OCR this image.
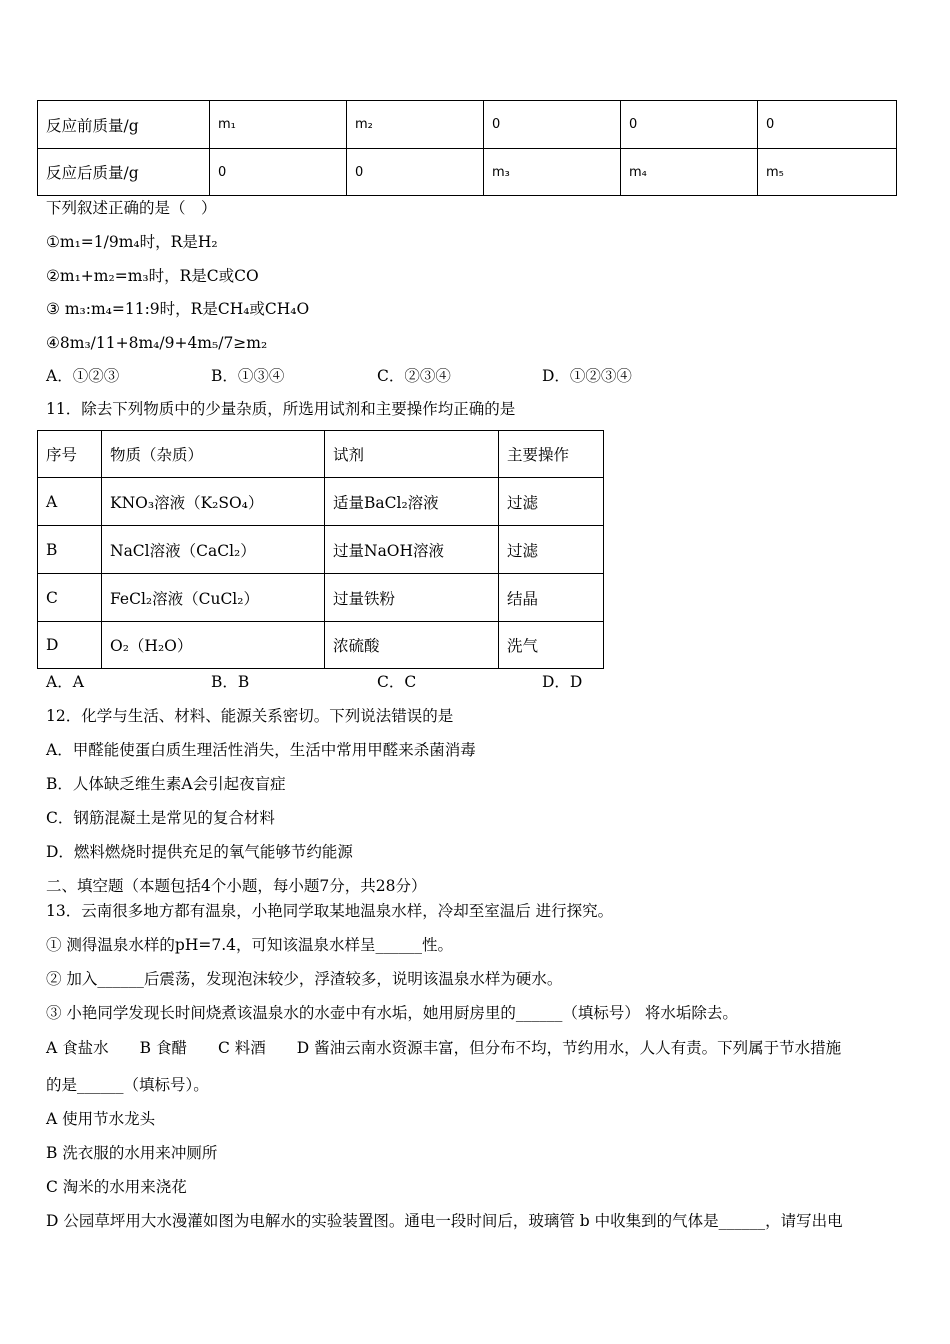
反应前质量/g	m₁	m₂	0	0	0
反应后质量/g	0	0	m₃	m₄	m₅
下列叙述正确的是（　）
①m₁=1/9m₄时，R是H₂
②m₁+m₂=m₃时，R是C或CO
③ m₃:m₄=11:9时，R是CH₄或CH₄O
④8m₃/11+8m₄/9+4m₅/7≥m₂
A．①②③	B．①③④	C．②③④	D．①②③④
11．除去下列物质中的少量杂质，所选用试剂和主要操作均正确的是
序号	物质（杂质）	试剂	主要操作
A	KNO₃溶液（K₂SO₄）	适量BaCl₂溶液	过滤
B	NaCl溶液（CaCl₂）	过量NaOH溶液	过滤
C	FeCl₂溶液（CuCl₂）	过量铁粉	结晶
D	O₂（H₂O）	浓硫酸	洗气
A．A	B．B	C．C	D．D
12．化学与生活、材料、能源关系密切。下列说法错误的是
A．甲醛能使蛋白质生理活性消失，生活中常用甲醛来杀菌消毒
B．人体缺乏维生素A会引起夜盲症
C．钢筋混凝土是常见的复合材料
D．燃料燃烧时提供充足的氧气能够节约能源
二、填空题（本题包括4个小题，每小题7分，共28分）
13．云南很多地方都有温泉，小艳同学取某地温泉水样，冷却至室温后 进行探究。
① 测得温泉水样的pH=7.4，可知该温泉水样呈______性。
② 加入______后震荡，发现泡沫较少，浮渣较多，说明该温泉水样为硬水。
③ 小艳同学发现长时间烧煮该温泉水的水壶中有水垢，她用厨房里的______（填标号） 将水垢除去。
A 食盐水　　B 食醋　　C 料酒　　D 酱油云南水资源丰富，但分布不均，节约用水，人人有责。下列属于节水措施
的是______（填标号）。
A 使用节水龙头
B 洗衣服的水用来冲厕所
C 淘米的水用来浇花
D 公园草坪用大水漫灌如图为电解水的实验装置图。通电一段时间后，玻璃管 b 中收集到的气体是______，请写出电
